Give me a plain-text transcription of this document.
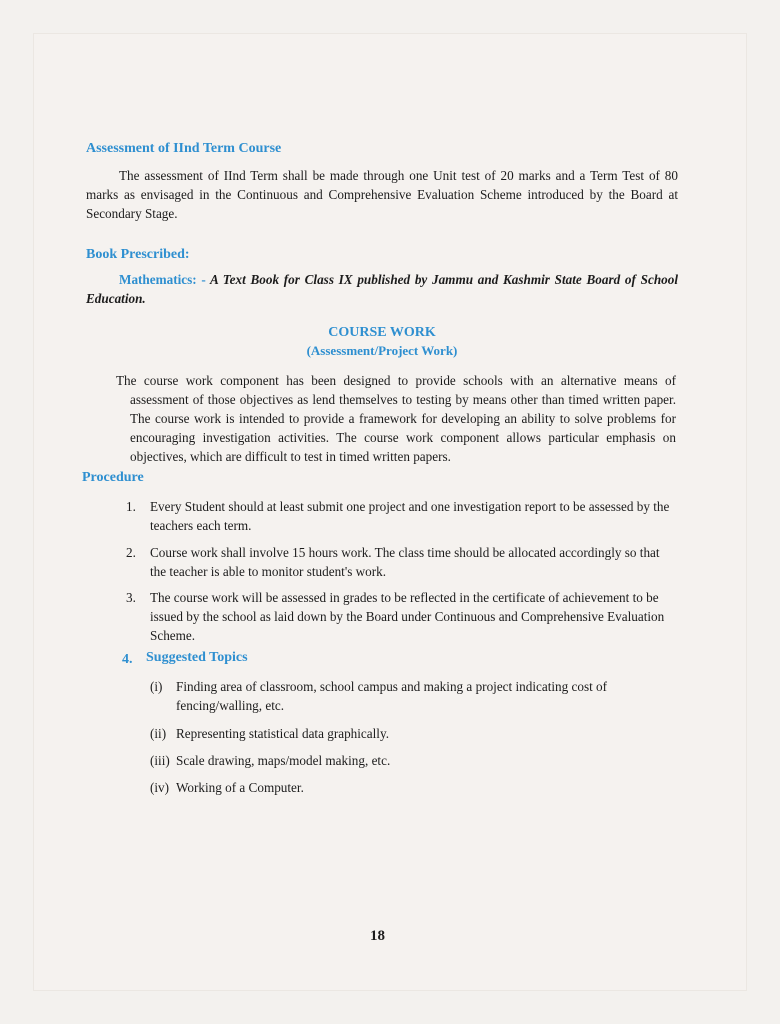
Assessment of IInd Term Course
The assessment of IInd Term shall be made through one Unit test of 20 marks and a Term Test of 80 marks as envisaged in the Continuous and Comprehensive Evaluation Scheme introduced by the Board at Secondary Stage.
Book Prescribed:
Mathematics: - A Text Book for Class IX published by Jammu and Kashmir State Board of School Education.
COURSE WORK
(Assessment/Project Work)
The course work component has been designed to provide schools with an alternative means of assessment of those objectives as lend themselves to testing by means other than timed written paper. The course work is intended to provide a framework for developing an ability to solve problems for encouraging investigation activities. The course work component allows particular emphasis on objectives, which are difficult to test in timed written papers.
Procedure
1. Every Student should at least submit one project and one investigation report to be assessed by the teachers each term.
2. Course work shall involve 15 hours work. The class time should be allocated accordingly so that the teacher is able to monitor student's work.
3. The course work will be assessed in grades to be reflected in the certificate of achievement to be issued by the school as laid down by the Board under Continuous and Comprehensive Evaluation Scheme.
4. Suggested Topics
(i) Finding area of classroom, school campus and making a project indicating cost of fencing/walling, etc.
(ii) Representing statistical data graphically.
(iii) Scale drawing, maps/model making, etc.
(iv) Working of a Computer.
18
